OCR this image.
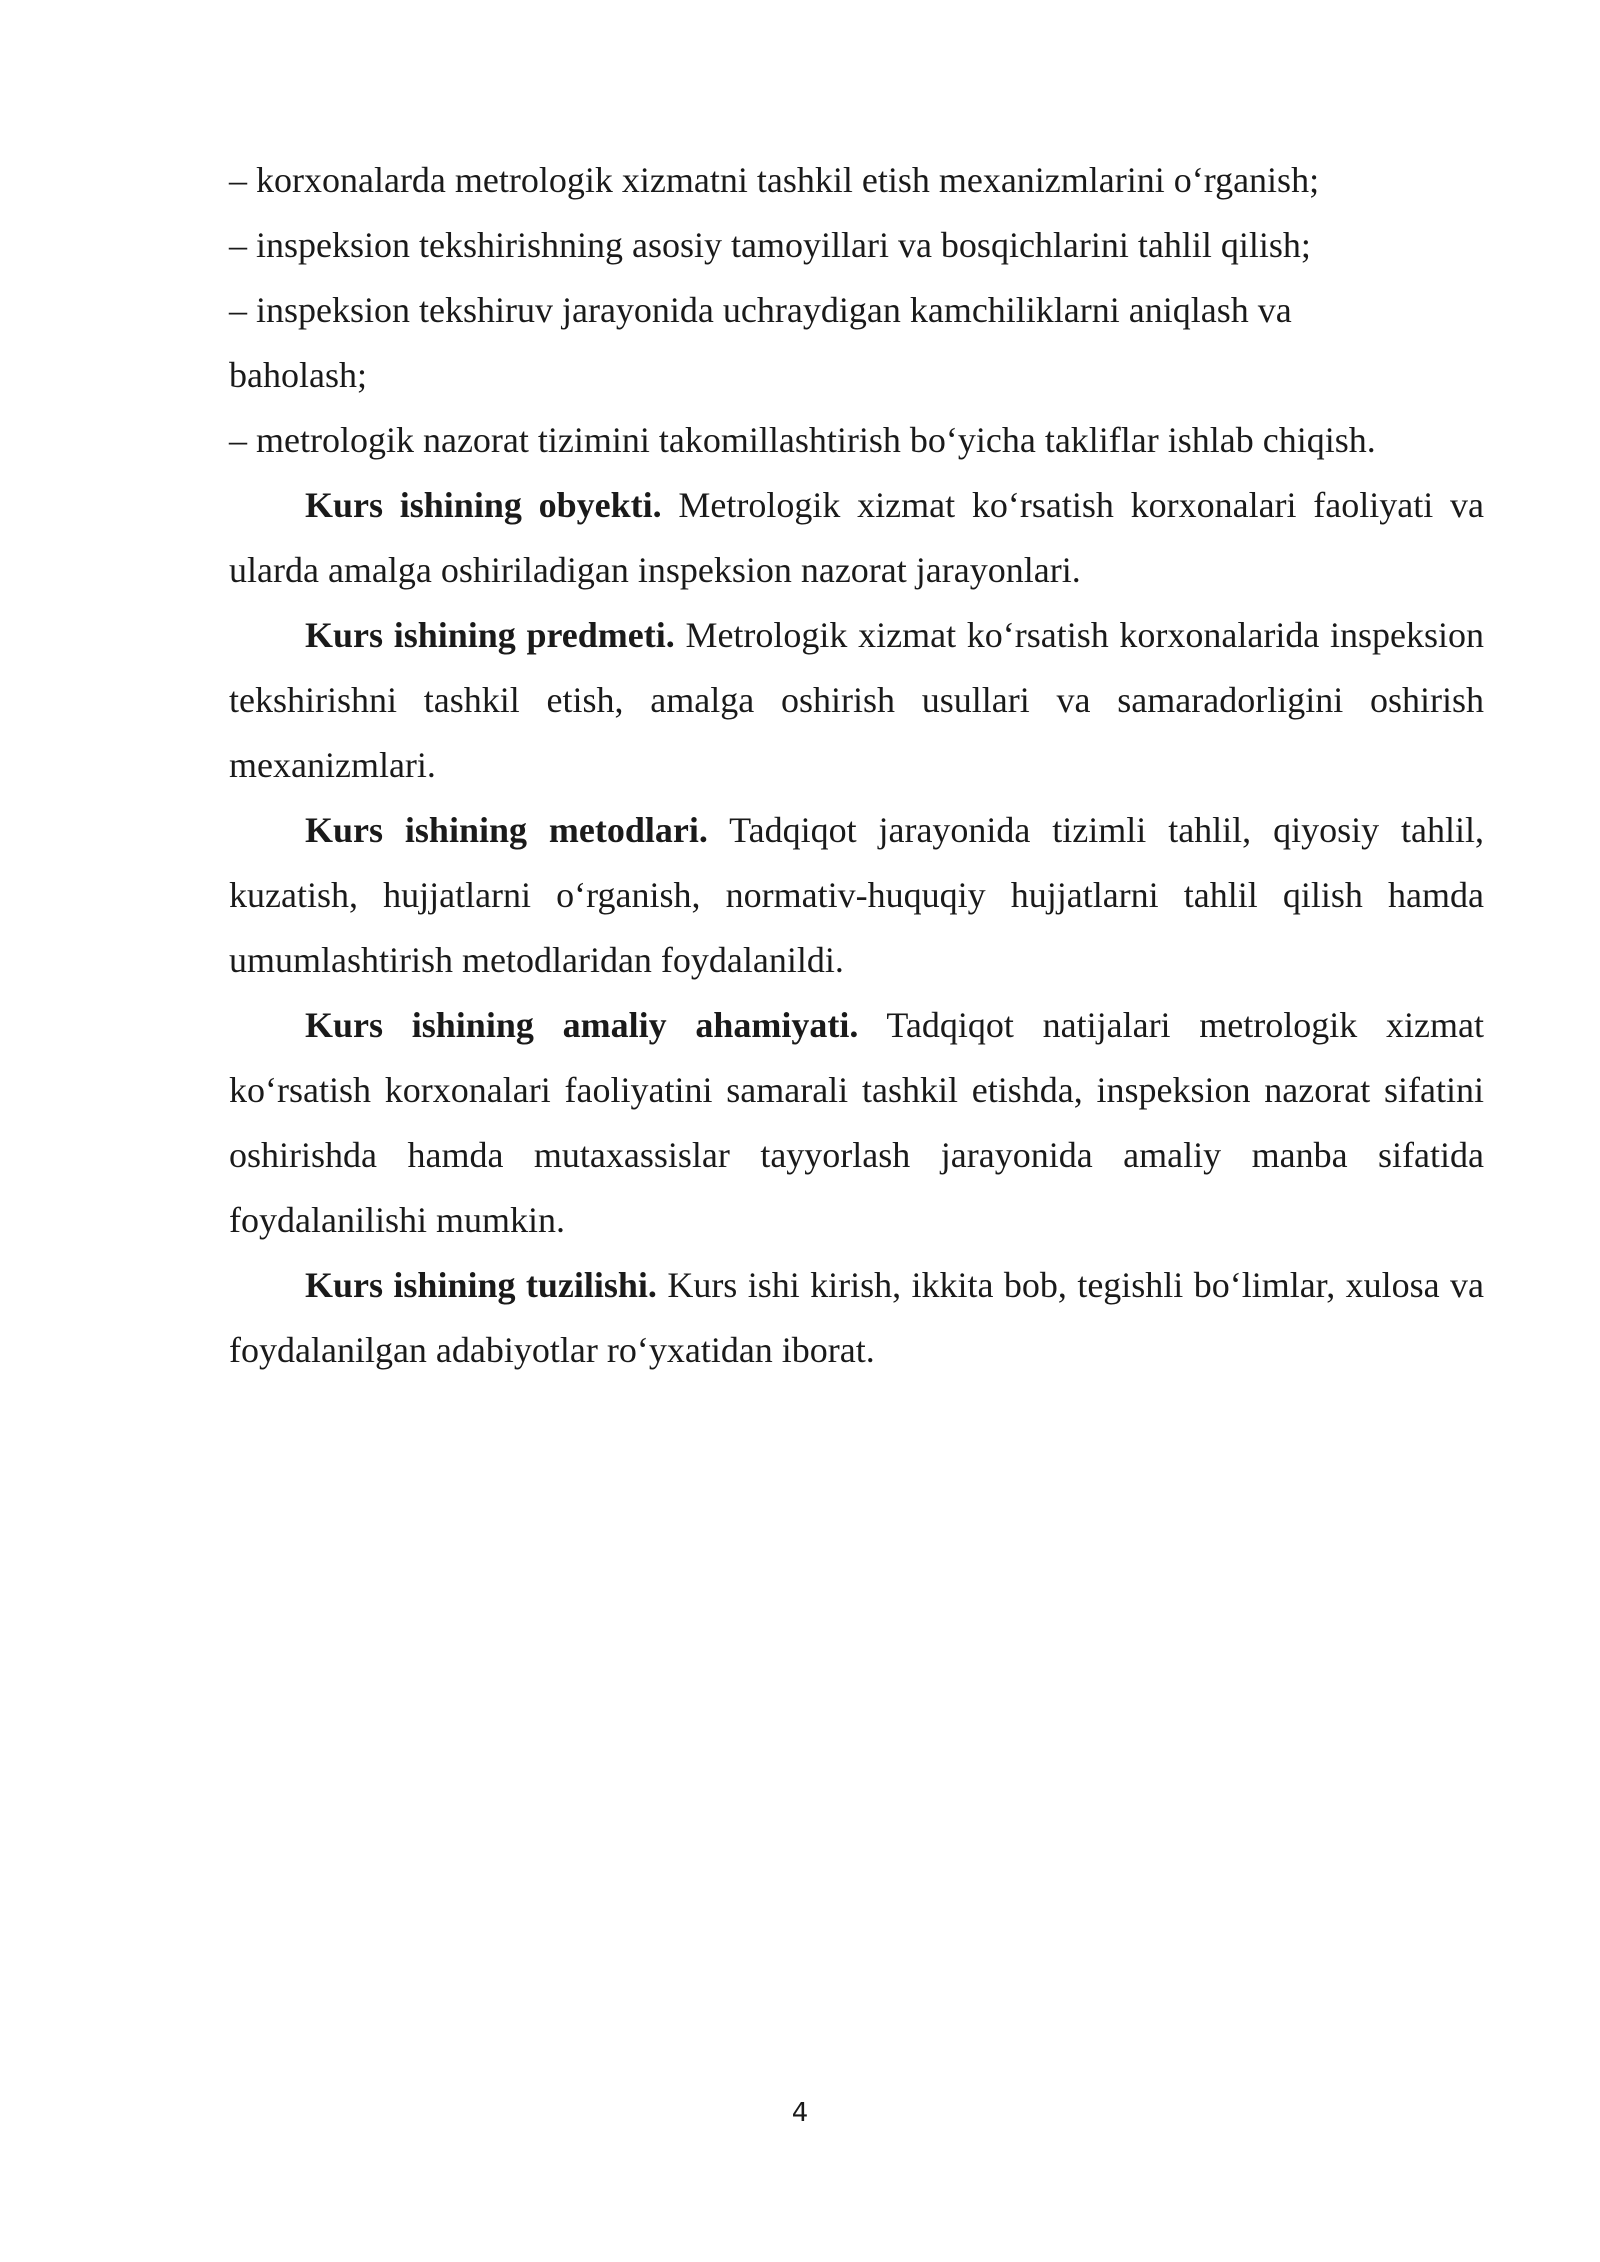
– korxonalarda metrologik xizmatni tashkil etish mexanizmlarini o‘rganish;

– inspeksion tekshirishning asosiy tamoyillari va bosqichlarini tahlil qilish;

– inspeksion tekshiruv jarayonida uchraydigan kamchiliklarni aniqlash va baholash;

– metrologik nazorat tizimini takomillashtirish bo‘yicha takliflar ishlab chiqish.

Kurs ishining obyekti. Metrologik xizmat ko‘rsatish korxonalari faoliyati va ularda amalga oshiriladigan inspeksion nazorat jarayonlari.

Kurs ishining predmeti. Metrologik xizmat ko‘rsatish korxonalarida inspeksion tekshirishni tashkil etish, amalga oshirish usullari va samaradorligini oshirish mexanizmlari.

Kurs ishining metodlari. Tadqiqot jarayonida tizimli tahlil, qiyosiy tahlil, kuzatish, hujjatlarni o‘rganish, normativ-huquqiy hujjatlarni tahlil qilish hamda umumlashtirish metodlaridan foydalanildi.

Kurs ishining amaliy ahamiyati. Tadqiqot natijalari metrologik xizmat ko‘rsatish korxonalari faoliyatini samarali tashkil etishda, inspeksion nazorat sifatini oshirishda hamda mutaxassislar tayyorlash jarayonida amaliy manba sifatida foydalanilishi mumkin.

Kurs ishining tuzilishi. Kurs ishi kirish, ikkita bob, tegishli bo‘limlar, xulosa va foydalanilgan adabiyotlar ro‘yxatidan iborat.

4
